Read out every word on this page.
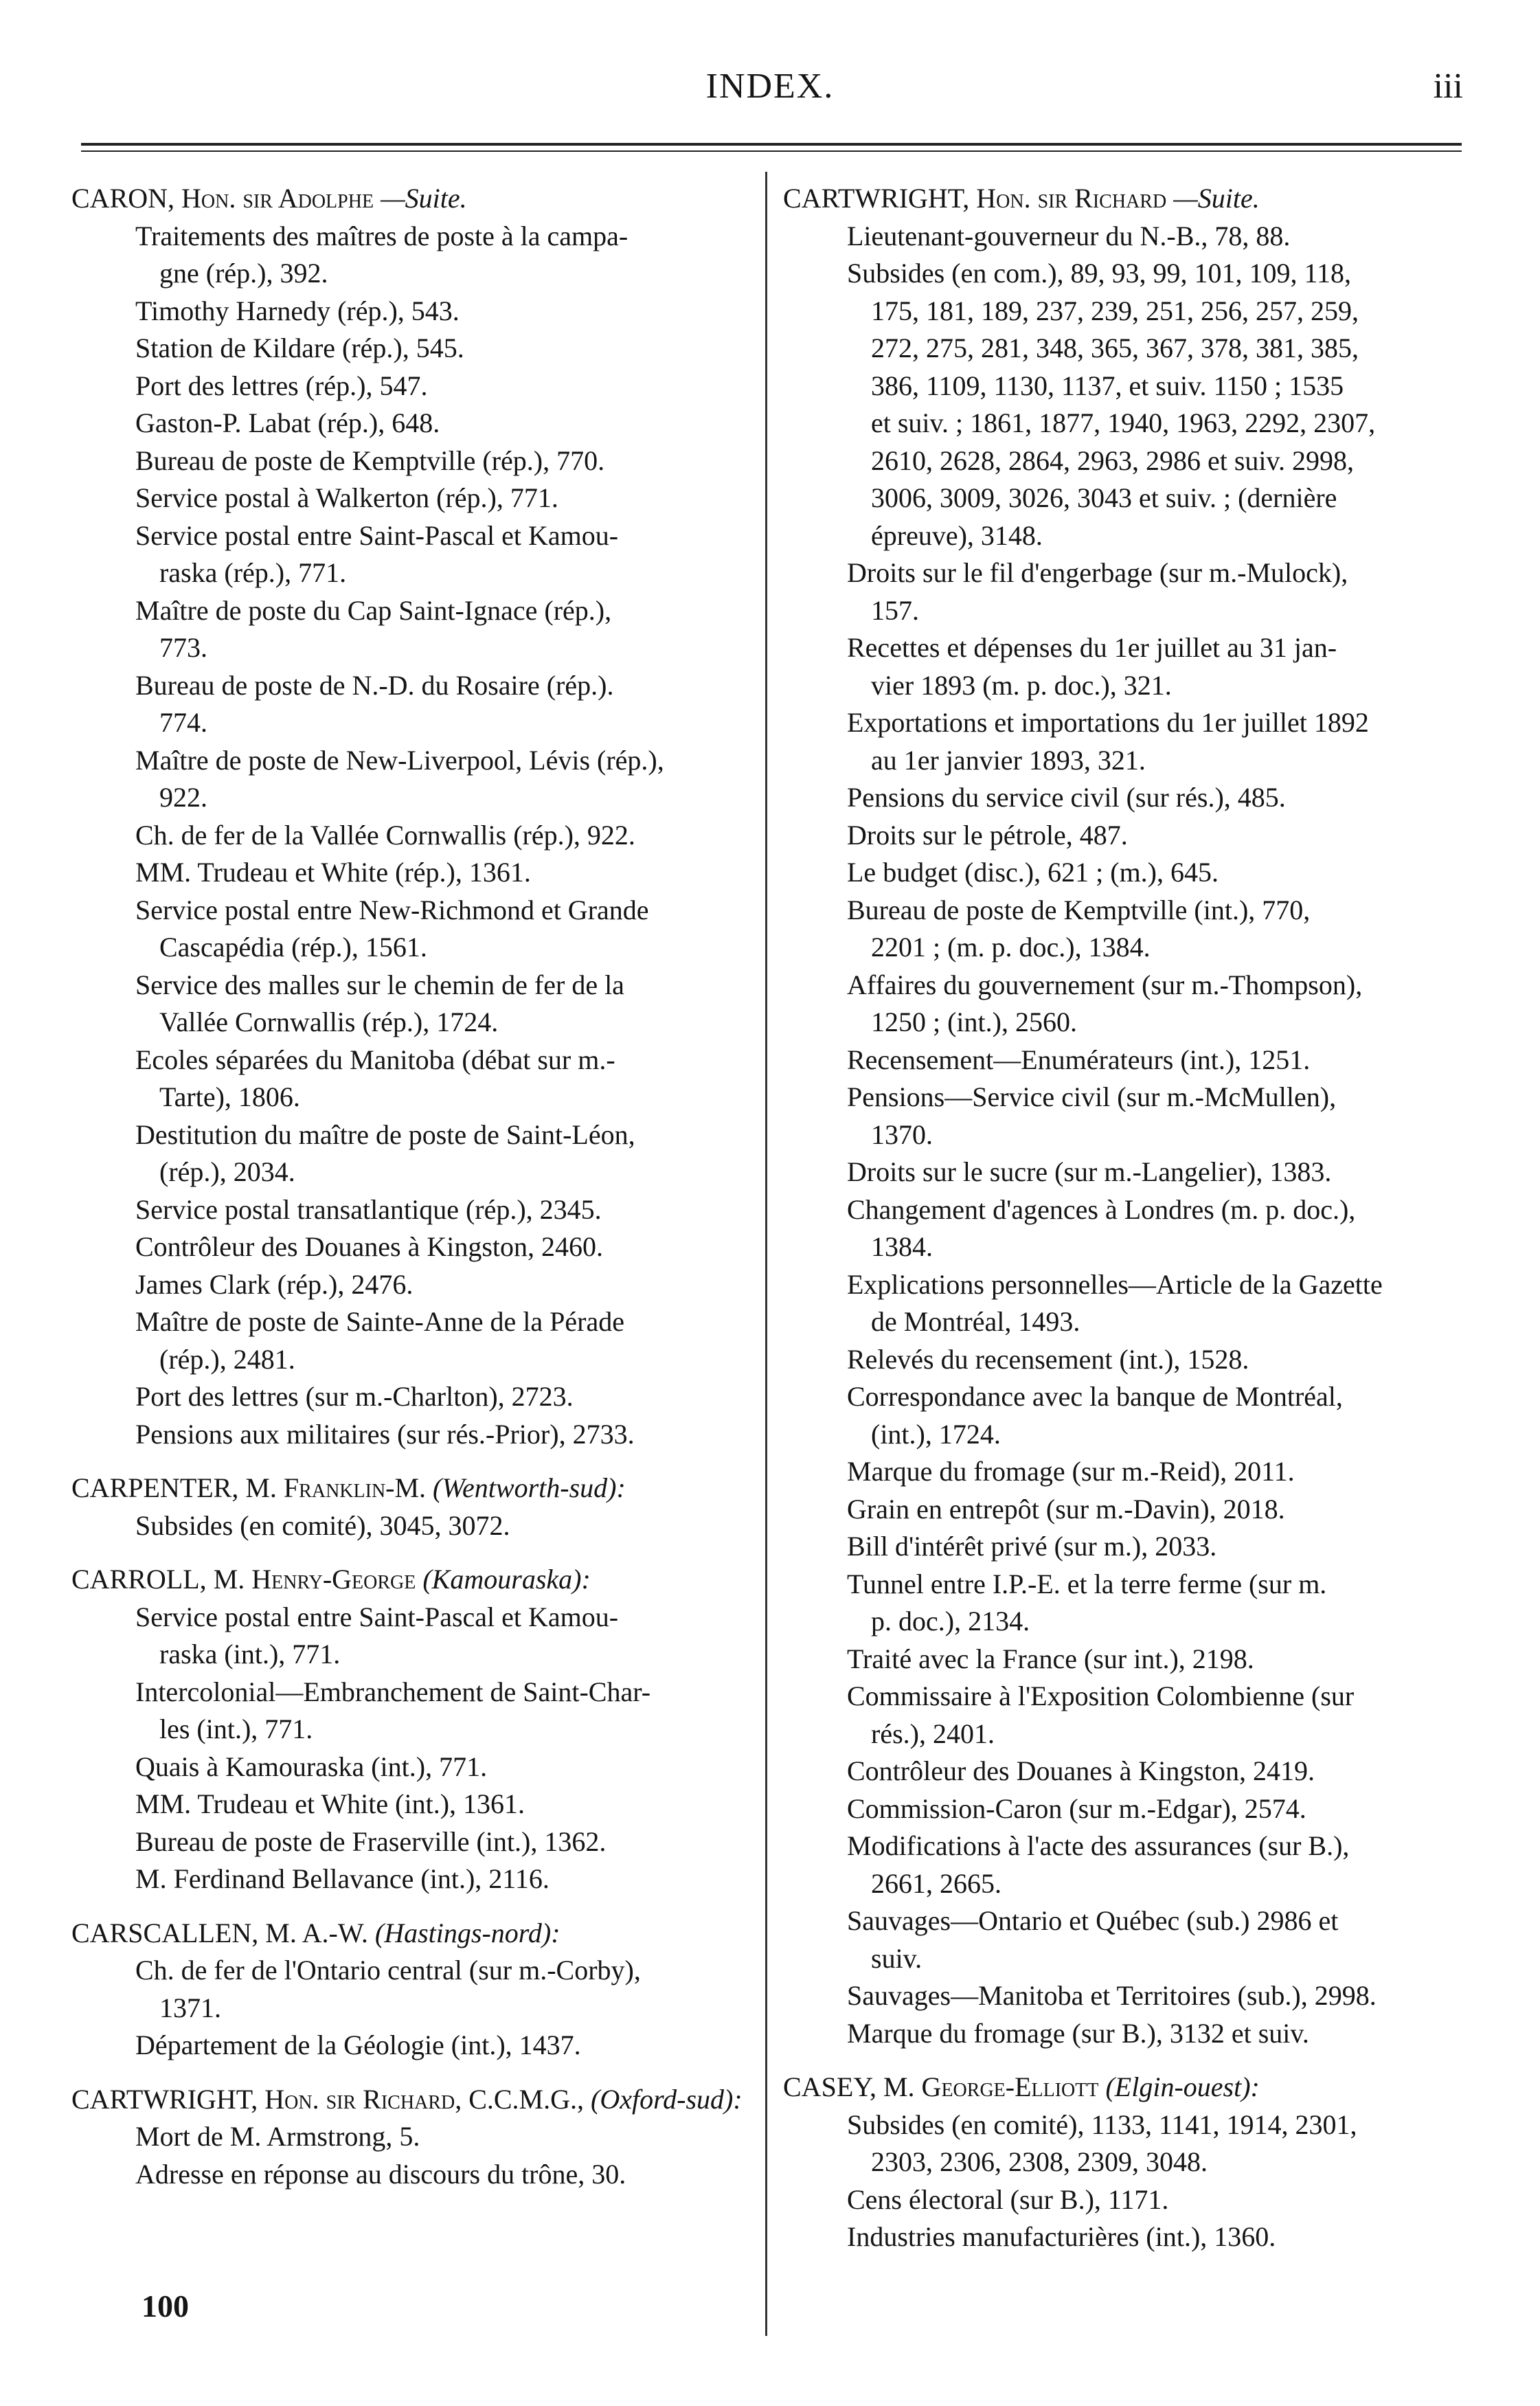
INDEX.	iii
CARON,
Hon. sir Adolphe
—Suite.
Traitements des maîtres de poste à la campa-
gne (rép.), 392.
Timothy Harnedy (rép.), 543.
Station de Kildare (rép.), 545.
Port des lettres (rép.), 547.
Gaston-P. Labat (rép.), 648.
Bureau de poste de Kemptville (rép.), 770.
Service postal à Walkerton (rép.), 771.
Service postal entre Saint-Pascal et Kamou-
raska (rép.), 771.
Maître de poste du Cap Saint-Ignace (rép.),
773.
Bureau de poste de N.-D. du Rosaire (rép.).
774.
Maître de poste de New-Liverpool, Lévis (rép.),
922.
Ch. de fer de la Vallée Cornwallis (rép.), 922.
MM. Trudeau et White (rép.), 1361.
Service postal entre New-Richmond et Grande
Cascapédia (rép.), 1561.
Service des malles sur le chemin de fer de la
Vallée Cornwallis (rép.), 1724.
Ecoles séparées du Manitoba (débat sur m.-
Tarte), 1806.
Destitution du maître de poste de Saint-Léon,
(rép.), 2034.
Service postal transatlantique (rép.), 2345.
Contrôleur des Douanes à Kingston, 2460.
James Clark (rép.), 2476.
Maître de poste de Sainte-Anne de la Pérade
(rép.), 2481.
Port des lettres (sur m.-Charlton), 2723.
Pensions aux militaires (sur rés.-Prior), 2733.
CARPENTER,
M. Franklin-M.
(Wentworth-sud):
Subsides (en comité), 3045, 3072.
CARROLL,
M. Henry-George
(Kamouraska):
Service postal entre Saint-Pascal et Kamou-
raska (int.), 771.
Intercolonial—Embranchement de Saint-Char-
les (int.), 771.
Quais à Kamouraska (int.), 771.
MM. Trudeau et White (int.), 1361.
Bureau de poste de Fraserville (int.), 1362.
M. Ferdinand Bellavance (int.), 2116.
CARSCALLEN,
M. A.-W.
(Hastings-nord):
Ch. de fer de l'Ontario central (sur m.-Corby),
1371.
Département de la Géologie (int.), 1437.
CARTWRIGHT,
Hon. sir Richard, C.C.M.G.,
(Oxford-sud):
Mort de M. Armstrong, 5.
Adresse en réponse au discours du trône, 30.
CARTWRIGHT,
Hon. sir Richard
—Suite.
Lieutenant-gouverneur du N.-B., 78, 88.
Subsides (en com.), 89, 93, 99, 101, 109, 118,
175, 181, 189, 237, 239, 251, 256, 257, 259,
272, 275, 281, 348, 365, 367, 378, 381, 385,
386, 1109, 1130, 1137, et suiv. 1150 ; 1535
et suiv. ; 1861, 1877, 1940, 1963, 2292, 2307,
2610, 2628, 2864, 2963, 2986 et suiv. 2998,
3006, 3009, 3026, 3043 et suiv. ; (dernière
épreuve), 3148.
Droits sur le fil d'engerbage (sur m.-Mulock),
157.
Recettes et dépenses du 1er juillet au 31 jan-
vier 1893 (m. p. doc.), 321.
Exportations et importations du 1er juillet 1892
au 1er janvier 1893, 321.
Pensions du service civil (sur rés.), 485.
Droits sur le pétrole, 487.
Le budget (disc.), 621 ; (m.), 645.
Bureau de poste de Kemptville (int.), 770,
2201 ; (m. p. doc.), 1384.
Affaires du gouvernement (sur m.-Thompson),
1250 ; (int.), 2560.
Recensement—Enumérateurs (int.), 1251.
Pensions—Service civil (sur m.-McMullen),
1370.
Droits sur le sucre (sur m.-Langelier), 1383.
Changement d'agences à Londres (m. p. doc.),
1384.
Explications personnelles—Article de la Gazette
de Montréal, 1493.
Relevés du recensement (int.), 1528.
Correspondance avec la banque de Montréal,
(int.), 1724.
Marque du fromage (sur m.-Reid), 2011.
Grain en entrepôt (sur m.-Davin), 2018.
Bill d'intérêt privé (sur m.), 2033.
Tunnel entre I.P.-E. et la terre ferme (sur m.
p. doc.), 2134.
Traité avec la France (sur int.), 2198.
Commissaire à l'Exposition Colombienne (sur
rés.), 2401.
Contrôleur des Douanes à Kingston, 2419.
Commission-Caron (sur m.-Edgar), 2574.
Modifications à l'acte des assurances (sur B.),
2661, 2665.
Sauvages—Ontario et Québec (sub.) 2986 et
suiv.
Sauvages—Manitoba et Territoires (sub.), 2998.
Marque du fromage (sur B.), 3132 et suiv.
CASEY,
M. George-Elliott
(Elgin-ouest):
Subsides (en comité), 1133, 1141, 1914, 2301,
2303, 2306, 2308, 2309, 3048.
Cens électoral (sur B.), 1171.
Industries manufacturières (int.), 1360.
100
